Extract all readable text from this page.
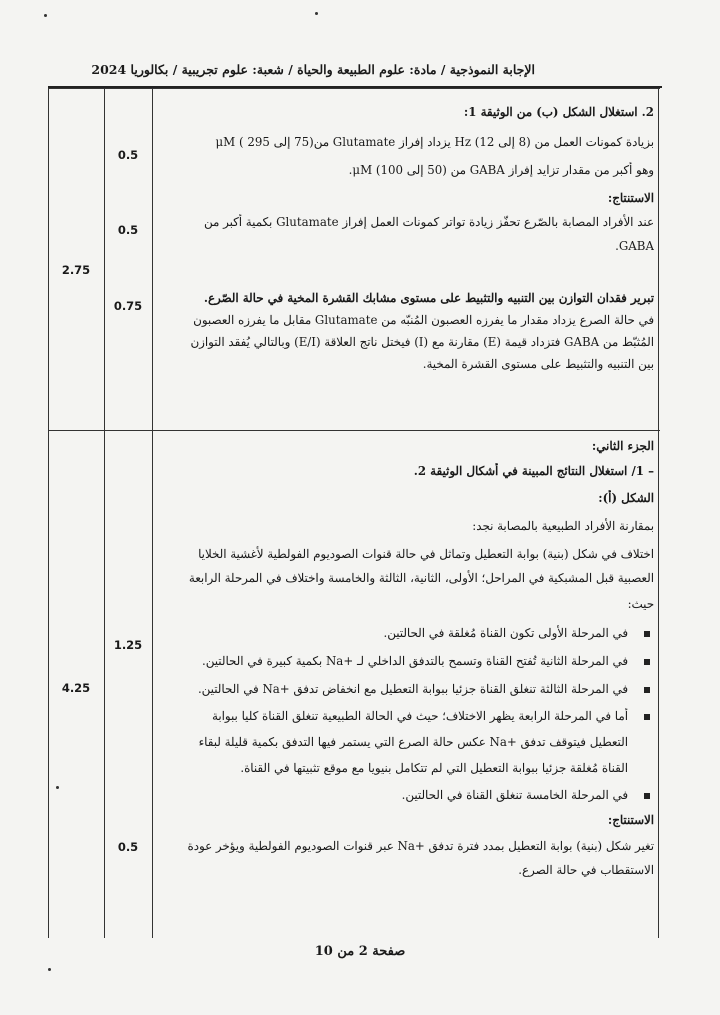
الإجابة النموذجية / مادة: علوم الطبيعة والحياة / شعبة: علوم تجريبية / بكالوريا 2024
0.5
0.5
0.75
2.75
2. استغلال الشكل (ب) من الوثيقة 1:
بزيادة كمونات العمل من (8 إلى 12) Hz يزداد إفراز Glutamate من(75 إلى 295 ) μM
وهو أكبر من مقدار تزايد إفراز GABA من (50 إلى 100) μM.
الاستنتاج:
عند الأفراد المصابة بالصّرع تحفّز زيادة تواتر كمونات العمل إفراز Glutamate بكمية أكبر من
GABA.
تبرير فقدان التوازن بين التنبيه والتثبيط على مستوى مشابك القشرة المخية في حالة الصّرع.
في حالة الصرع يزداد مقدار ما يفرزه العصبون المُنبّه من Glutamate مقابل ما يفرزه العصبون
المُثبّط من GABA فتزداد قيمة (E) مقارنة مع (I) فيختل ناتج العلاقة (E/I) وبالتالي يُفقد التوازن
بين التنبيه والتثبيط على مستوى القشرة المخية.
1.25
0.5
4.25
الجزء الثاني:
– 1/ استغلال النتائج المبينة في أشكال الوثيقة 2.
الشكل (أ):
بمقارنة الأفراد الطبيعية بالمصابة نجد:
اختلاف في شكل (بنية) بوابة التعطيل وتماثل في حالة قنوات الصوديوم الفولطية لأغشية الخلايا
العصبية قبل المشبكية في المراحل؛ الأولى، الثانية، الثالثة والخامسة واختلاف في المرحلة الرابعة
حيث:
في المرحلة الأولى تكون القناة مُغلقة في الحالتين.
في المرحلة الثانية تُفتح القناة وتسمح بالتدفق الداخلي لـ +Na بكمية كبيرة في الحالتين.
في المرحلة الثالثة تنغلق القناة جزئيا ببوابة التعطيل مع انخفاض تدفق +Na في الحالتين.
أما في المرحلة الرابعة يظهر الاختلاف؛ حيث في الحالة الطبيعية تنغلق القناة كليا ببوابة
التعطيل فيتوقف تدفق +Na عكس حالة الصرع التي يستمر فيها التدفق بكمية قليلة لبقاء
القناة مُغلقة جزئيا ببوابة التعطيل التي لم تتكامل بنيويا مع موقع تثبيتها في القناة.
في المرحلة الخامسة تنغلق القناة في الحالتين.
الاستنتاج:
تغير شكل (بنية) بوابة التعطيل بمدد فترة تدفق +Na عبر قنوات الصوديوم الفولطية ويؤخر عودة
الاستقطاب في حالة الصرع.
صفحة 2 من 10
